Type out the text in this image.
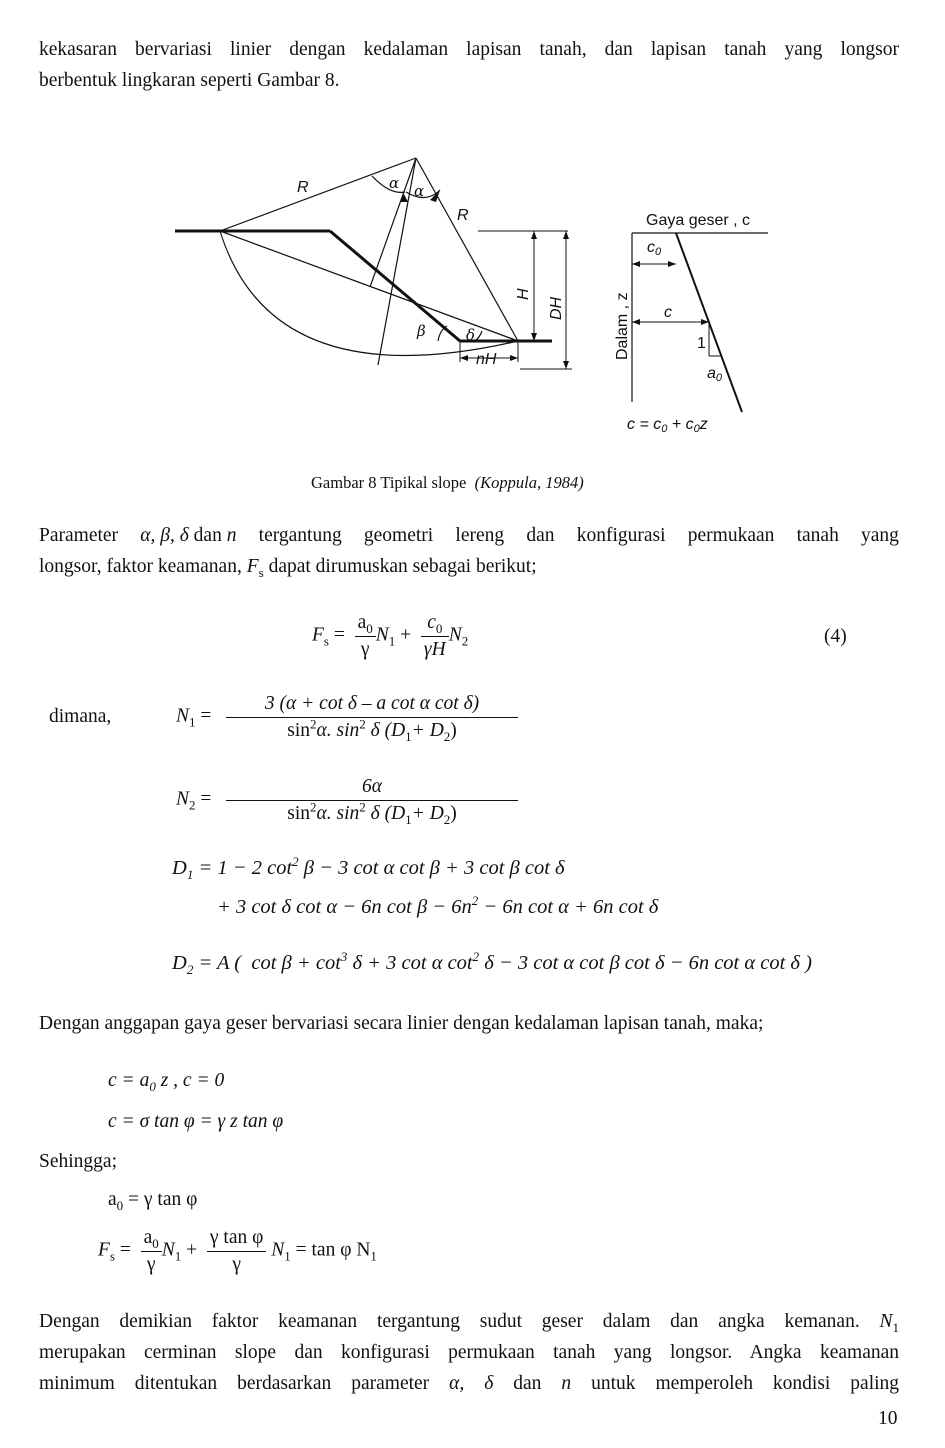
kekasaran bervariasi linier dengan kedalaman lapisan tanah, dan lapisan tanah yang longsor
berbentuk lingkaran seperti Gambar 8.
R
R
α α
H
DH
β	δ
nH
Gaya geser , c
c0
Dalam , z c
1
a0
c = c0 + c0z
Gambar 8 Tipikal slope (Koppula, 1984)
Parameter α, β, δ dan n tergantung geometri lereng dan konfigurasi permukaan tanah yang
longsor, faktor keamanan, $F_s$ dapat dirumuskan sebagai berikut;
$F_s = \frac{a_0}{\gamma} N_1 + \frac{c_0}{\gamma H} N_2$	(4)
dimana,	$N_1 = \frac{\text{3 (α + cot δ – a cot α cot δ)}}{\sin^2\alpha. \sin^2 \delta (D_1+ D_2)}$
$N_2 = \frac{6\alpha}{\sin^2\alpha. \sin^2 \delta (D_1+ D_2)}$
$D_1 = 1 - 2$ $\cot^2 \beta - 3$ cot α cot β + 3 cot β cot δ
+ 3 cot δ cot α − 6n $\cot \beta - 6n^2 - 6n$ cot α + 6n cot δ
$D_2 = A$ ( $\cot \beta + \cot^3 \delta + 3$ cot α $\cot^2 \delta - 3$ cot α cot β cot δ − 6n cot α cot δ )
Dengan anggapan gaya geser bervariasi secara linier dengan kedalaman lapisan tanah, maka;
$c = a_0$ z , c = 0
c = σ tan φ = γ z tan φ
Sehingga;
$a_0 = \gamma$ tan φ
$F_s = \frac{a_0}{\gamma} N_1 + \frac{\text{γ tan φ}}{\gamma} N_1 = \tan \varphi$ $N_1$
Dengan demikian faktor keamanan tergantung sudut geser dalam dan angka kemanan. $N_1$
merupakan cerminan slope dan konfigurasi permukaan tanah yang longsor. Angka keamanan
minimum ditentukan berdasarkan parameter α, δ dan n untuk memperoleh kondisi paling
10
